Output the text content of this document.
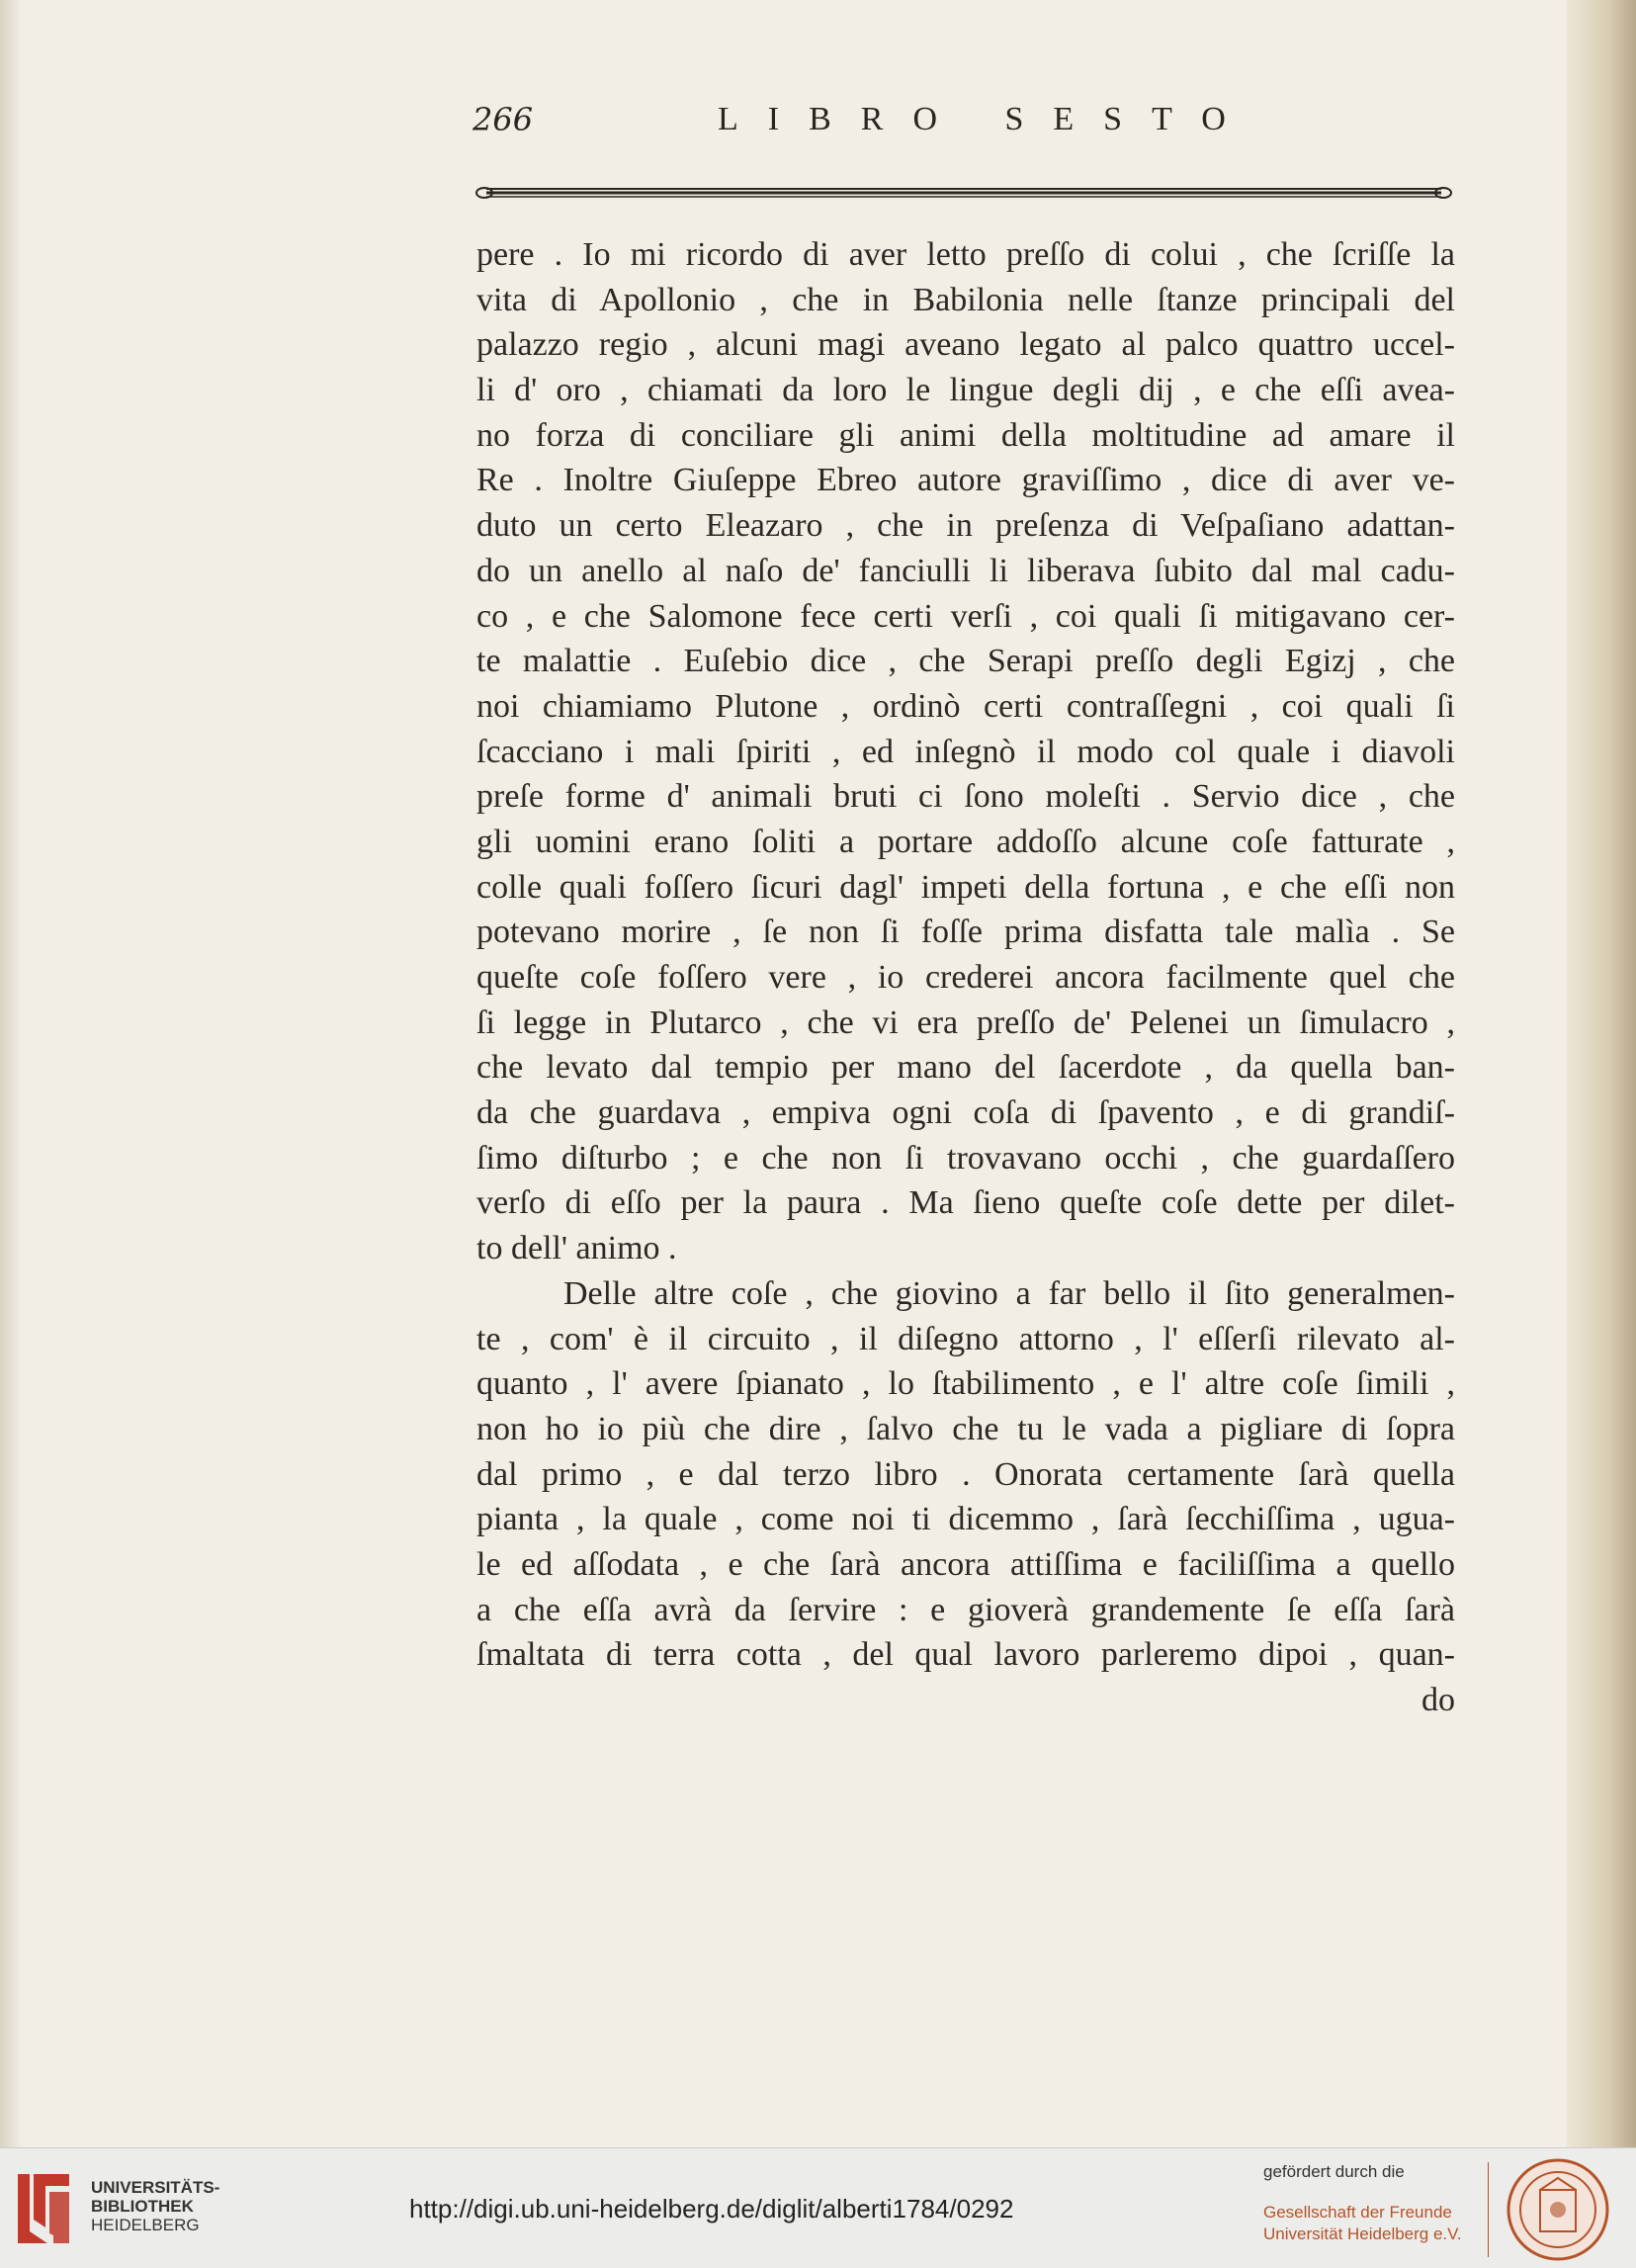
266	LIBRO SESTO
pere . Io mi ricordo di aver letto preſſo di colui , che ſcriſſe la
vita di Apollonio , che in Babilonia nelle ſtanze principali del
palazzo regio , alcuni magi aveano legato al palco quattro uccel-
li d' oro , chiamati da loro le lingue degli dij , e che eſſi avea-
no forza di conciliare gli animi della moltitudine ad amare il
Re . Inoltre Giuſeppe Ebreo autore graviſſimo , dice di aver ve-
duto un certo Eleazaro , che in preſenza di Veſpaſiano adattan-
do un anello al naſo de' fanciulli li liberava ſubito dal mal cadu-
co , e che Salomone fece certi verſi , coi quali ſi mitigavano cer-
te malattie . Euſebio dice , che Serapi preſſo degli Egizj , che
noi chiamiamo Plutone , ordinò certi contraſſegni , coi quali ſi
ſcacciano i mali ſpiriti , ed inſegnò il modo col quale i diavoli
preſe forme d' animali bruti ci ſono moleſti . Servio dice , che
gli uomini erano ſoliti a portare addoſſo alcune coſe fatturate ,
colle quali foſſero ſicuri dagl' impeti della fortuna , e che eſſi non
potevano morire , ſe non ſi foſſe prima disfatta tale malìa . Se
queſte coſe foſſero vere , io crederei ancora facilmente quel che
ſi legge in Plutarco , che vi era preſſo de' Pelenei un ſimulacro ,
che levato dal tempio per mano del ſacerdote , da quella ban-
da che guardava , empiva ogni coſa di ſpavento , e di grandiſ-
ſimo diſturbo ; e che non ſi trovavano occhi , che guardaſſero
verſo di eſſo per la paura . Ma ſieno queſte coſe dette per dilet-
to dell' animo .
Delle altre coſe , che giovino a far bello il ſito generalmen-
te , com' è il circuito , il diſegno attorno , l' eſſerſi rilevato al-
quanto , l' avere ſpianato , lo ſtabilimento , e l' altre coſe ſimili ,
non ho io più che dire , ſalvo che tu le vada a pigliare di ſopra
dal primo , e dal terzo libro . Onorata certamente ſarà quella
pianta , la quale , come noi ti dicemmo , ſarà ſecchiſſima , ugua-
le ed aſſodata , e che ſarà ancora attiſſima e faciliſſima a quello
a che eſſa avrà da ſervire : e gioverà grandemente ſe eſſa ſarà
ſmaltata di terra cotta , del qual lavoro parleremo dipoi , quan-
do
UNIVERSITÄTS-
BIBLIOTHEK
HEIDELBERG
http://digi.ub.uni-heidelberg.de/diglit/alberti1784/0292
gefördert durch die
Gesellschaft der Freunde
Universität Heidelberg e.V.
